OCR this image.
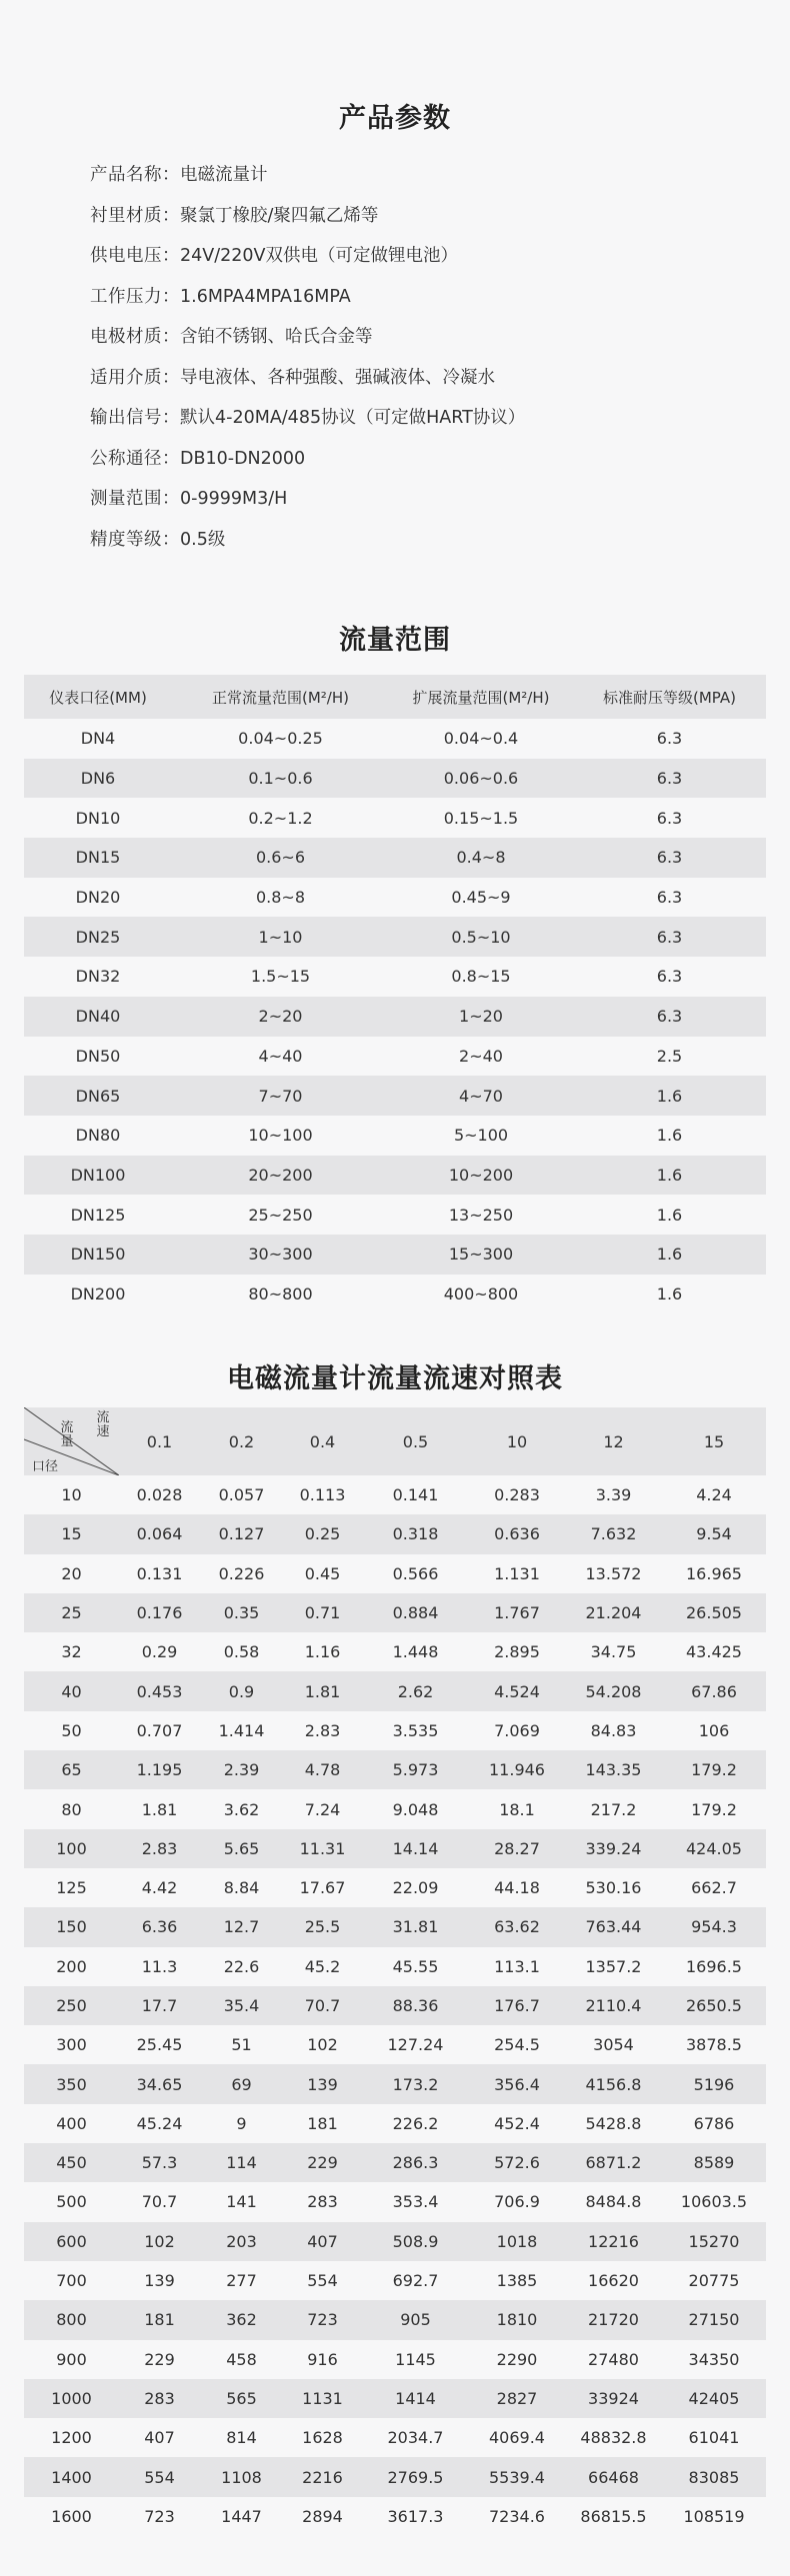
产品参数
产品名称：电磁流量计
衬里材质：聚氯丁橡胶/聚四氟乙烯等
供电电压：24V/220V双供电（可定做锂电池）
工作压力：1.6MPA4MPA16MPA
电极材质：含铂不锈钢、哈氏合金等
适用介质：导电液体、各种强酸、强碱液体、冷凝水
输出信号：默认4-20MA/485协议（可定做HART协议）
公称通径：DB10-DN2000
测量范围：0-9999M3/H
精度等级：0.5级
流量范围
仪表口径(MM)	正常流量范围(M²/H)	扩展流量范围(M²/H)	标准耐压等级(MPA)
DN4	0.04~0.25	0.04~0.4	6.3
DN6	0.1~0.6	0.06~0.6	6.3
DN10	0.2~1.2	0.15~1.5	6.3
DN15	0.6~6	0.4~8	6.3
DN20	0.8~8	0.45~9	6.3
DN25	1~10	0.5~10	6.3
DN32	1.5~15	0.8~15	6.3
DN40	2~20	1~20	6.3
DN50	4~40	2~40	2.5
DN65	7~70	4~70	1.6
DN80	10~100	5~100	1.6
DN100	20~200	10~200	1.6
DN125	25~250	13~250	1.6
DN150	30~300	15~300	1.6
DN200	80~800	400~800	1.6
电磁流量计流量流速对照表
流速
流量
口径	0.1	0.2	0.4	0.5	10	12	15
10	0.028	0.057	0.113	0.141	0.283	3.39	4.24
15	0.064	0.127	0.25	0.318	0.636	7.632	9.54
20	0.131	0.226	0.45	0.566	1.131	13.572	16.965
25	0.176	0.35	0.71	0.884	1.767	21.204	26.505
32	0.29	0.58	1.16	1.448	2.895	34.75	43.425
40	0.453	0.9	1.81	2.62	4.524	54.208	67.86
50	0.707	1.414	2.83	3.535	7.069	84.83	106
65	1.195	2.39	4.78	5.973	11.946	143.35	179.2
80	1.81	3.62	7.24	9.048	18.1	217.2	179.2
100	2.83	5.65	11.31	14.14	28.27	339.24	424.05
125	4.42	8.84	17.67	22.09	44.18	530.16	662.7
150	6.36	12.7	25.5	31.81	63.62	763.44	954.3
200	11.3	22.6	45.2	45.55	113.1	1357.2	1696.5
250	17.7	35.4	70.7	88.36	176.7	2110.4	2650.5
300	25.45	51	102	127.24	254.5	3054	3878.5
350	34.65	69	139	173.2	356.4	4156.8	5196
400	45.24	9	181	226.2	452.4	5428.8	6786
450	57.3	114	229	286.3	572.6	6871.2	8589
500	70.7	141	283	353.4	706.9	8484.8	10603.5
600	102	203	407	508.9	1018	12216	15270
700	139	277	554	692.7	1385	16620	20775
800	181	362	723	905	1810	21720	27150
900	229	458	916	1145	2290	27480	34350
1000	283	565	1131	1414	2827	33924	42405
1200	407	814	1628	2034.7	4069.4	48832.8	61041
1400	554	1108	2216	2769.5	5539.4	66468	83085
1600	723	1447	2894	3617.3	7234.6	86815.5	108519
